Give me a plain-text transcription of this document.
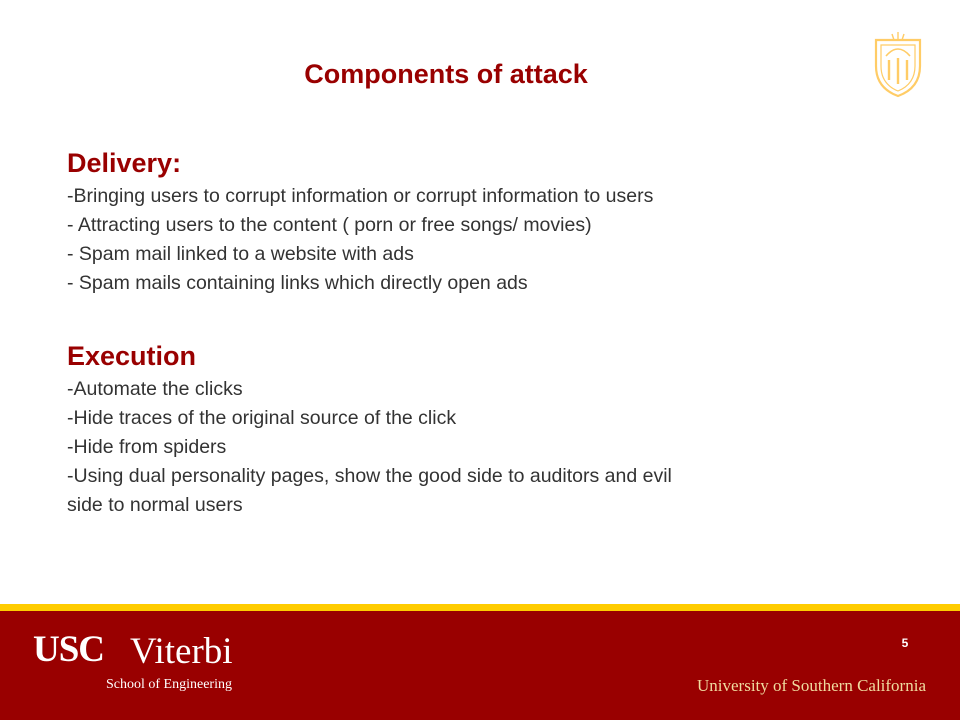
Components of attack
Delivery:
-Bringing users to corrupt information or corrupt information to users
- Attracting users to the content ( porn or free songs/ movies)
- Spam mail linked to a website with ads
- Spam mails containing links which directly open ads
Execution
-Automate the clicks
-Hide traces of the original source of the click
-Hide from spiders
-Using dual personality pages, show the good side to auditors and evil
side to normal users
USC Viterbi
School of Engineering
5
University of Southern California
